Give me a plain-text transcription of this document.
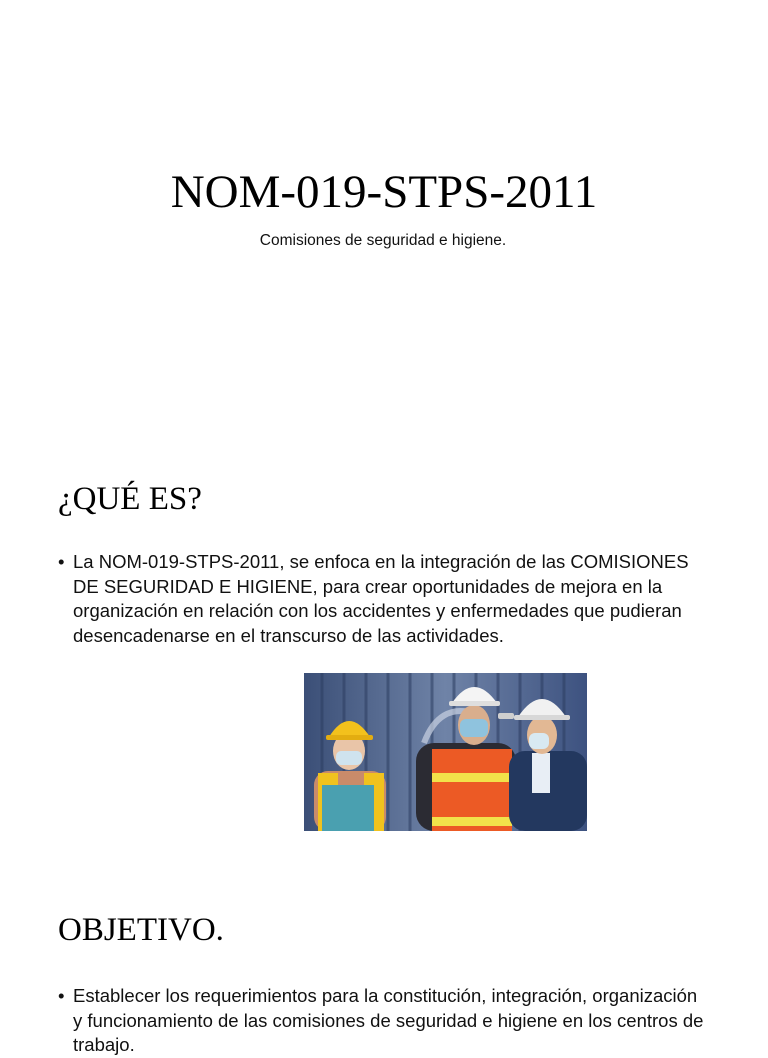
NOM-019-STPS-2011
Comisiones de seguridad e higiene.
¿QUÉ ES?
• La NOM-019-STPS-2011, se enfoca en la integración de las COMISIONES DE SEGURIDAD E HIGIENE, para crear oportunidades de mejora en la organización en relación con los accidentes y enfermedades que pudieran desencadenarse en el transcurso de las actividades.
OBJETIVO.
• Establecer los requerimientos para la constitución, integración, organización y funcionamiento de las comisiones de seguridad e higiene en los centros de trabajo.
